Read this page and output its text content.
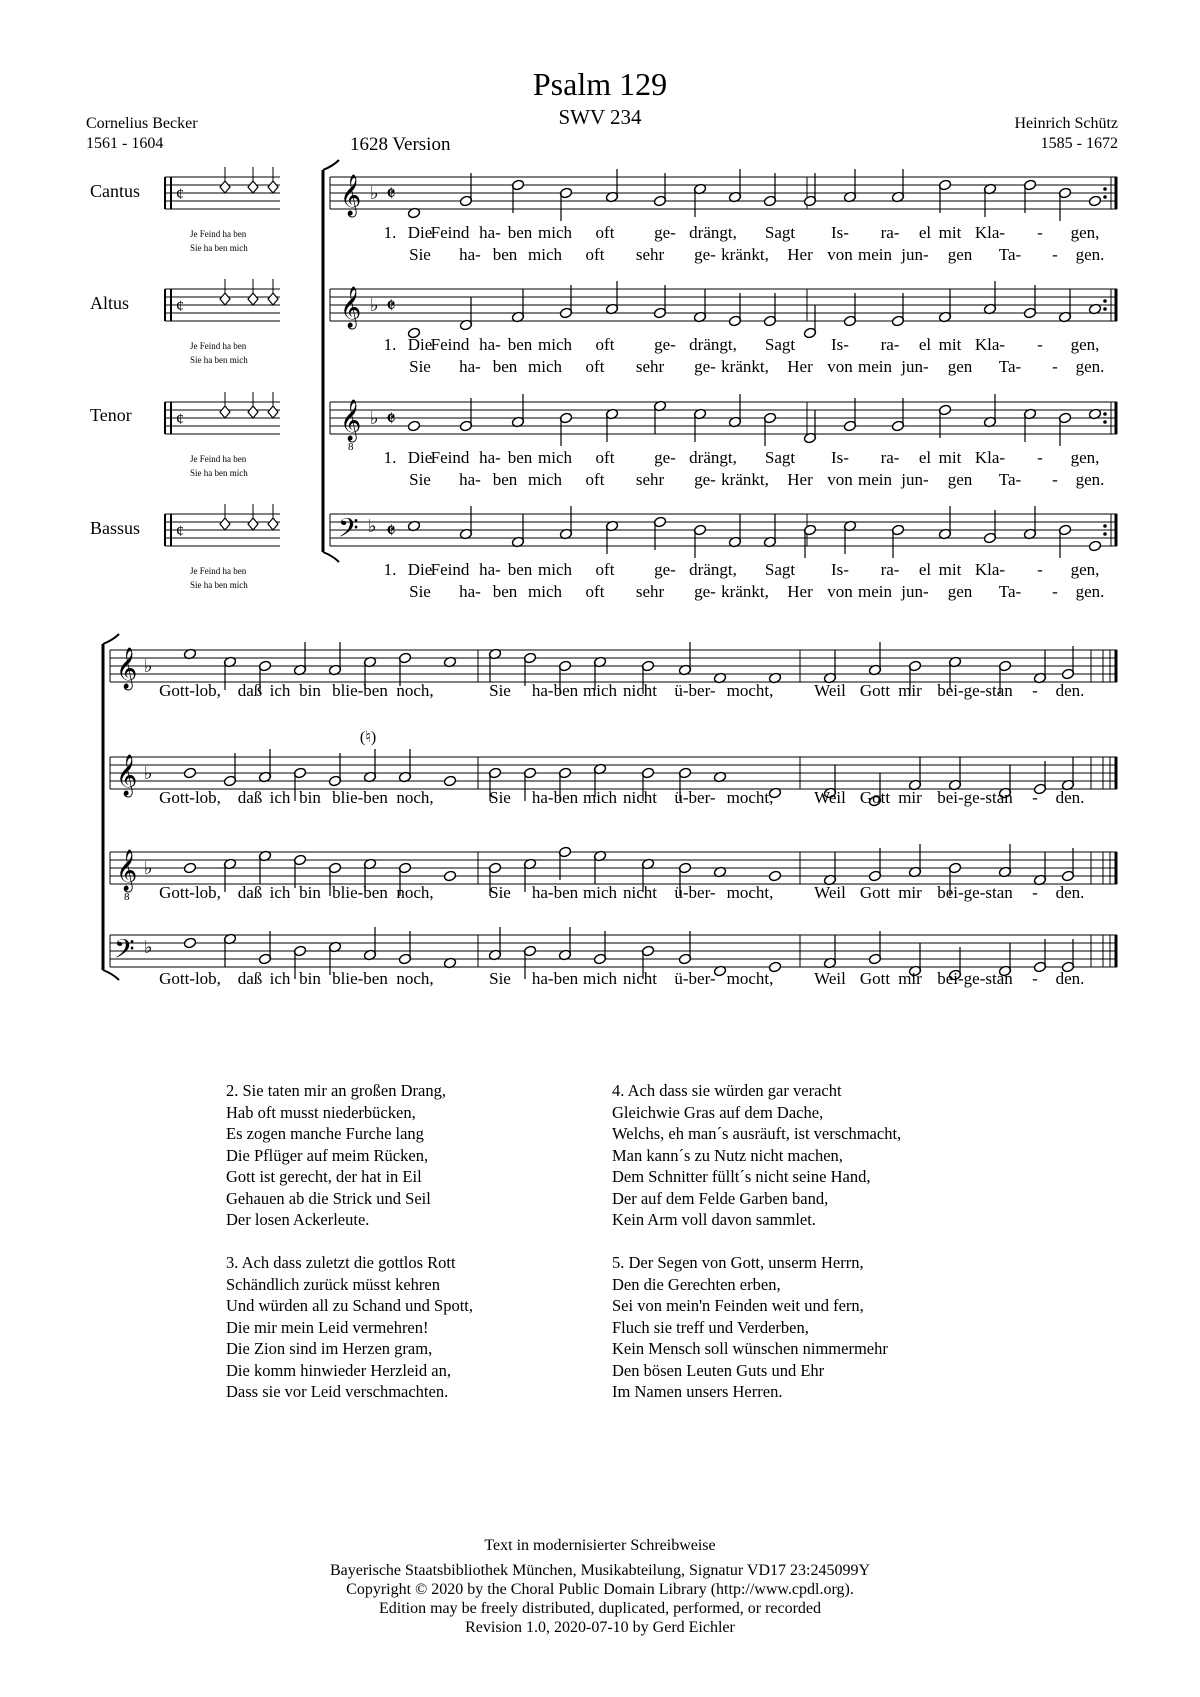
Psalm 129
SWV 234
Cornelius Becker
1561 - 1604
Heinrich Schütz
1585 - 1672
1628 Version
Cantus
Altus
Tenor
Bassus
¢
Je Feind ha ben
Sie ha ben mich
¢
Je Feind ha ben
Sie ha ben mich
¢
Je Feind ha ben
Sie ha ben mich
¢
Je Feind ha ben
Sie ha ben mich
𝄞 ♭ 𝄵
𝄞 ♭ 𝄵
𝄞
8
♭ 𝄵
𝄢 ♭ 𝄵
1. Die
Feind ha- ben mich oft ge- drängt, Sagt Is- ra- el mit Kla- - gen,
Sie ha- ben mich oft sehr ge- kränkt, Her von mein jun- gen Ta- - gen.
1. Die
Feind ha- ben mich oft ge- drängt, Sagt Is- ra- el mit Kla- - gen,
Sie ha- ben mich oft sehr ge- kränkt, Her von mein jun- gen Ta- - gen.
1. Die
Feind ha- ben mich oft ge- drängt, Sagt Is- ra- el mit Kla- - gen,
Sie ha- ben mich oft sehr ge- kränkt, Her von mein jun- gen Ta- - gen.
1. Die
Feind ha- ben mich oft ge- drängt, Sagt Is- ra- el mit Kla- - gen,
Sie ha- ben mich oft sehr ge- kränkt, Her von mein jun- gen Ta- - gen.
𝄞 ♭
𝄞 ♭
𝄞
8
♭
𝄢 ♭
(♮)
Gott-lob, daß ich bin blie-ben noch,	Sie ha-ben mich nicht ü-ber- mocht, Weil Gott mir bei-ge-stan - den.
Gott-lob, daß ich bin blie-ben noch,	Sie ha-ben mich nicht ü-ber- mocht, Weil Gott mir bei-ge-stan - den.
Gott-lob, daß ich bin blie-ben noch,	Sie ha-ben mich nicht ü-ber- mocht, Weil Gott mir bei-ge-stan - den.
Gott-lob, daß ich bin blie-ben noch,	Sie ha-ben mich nicht ü-ber- mocht, Weil Gott mir bei-ge-stan - den.
2. Sie taten mir an großen Drang,
Hab oft musst niederbücken,
Es zogen manche Furche lang
Die Pflüger auf meim Rücken,
Gott ist gerecht, der hat in Eil
Gehauen ab die Strick und Seil
Der losen Ackerleute.
3. Ach dass zuletzt die gottlos Rott
Schändlich zurück müsst kehren
Und würden all zu Schand und Spott,
Die mir mein Leid vermehren!
Die Zion sind im Herzen gram,
Die komm hinwieder Herzleid an,
Dass sie vor Leid verschmachten.
4. Ach dass sie würden gar veracht
Gleichwie Gras auf dem Dache,
Welchs, eh man´s ausräuft, ist verschmacht,
Man kann´s zu Nutz nicht machen,
Dem Schnitter füllt´s nicht seine Hand,
Der auf dem Felde Garben band,
Kein Arm voll davon sammlet.
5. Der Segen von Gott, unserm Herrn,
Den die Gerechten erben,
Sei von mein'n Feinden weit und fern,
Fluch sie treff und Verderben,
Kein Mensch soll wünschen nimmermehr
Den bösen Leuten Guts und Ehr
Im Namen unsers Herren.
Text in modernisierter Schreibweise
Bayerische Staatsbibliothek München, Musikabteilung, Signatur VD17 23:245099Y
Copyright © 2020 by the Choral Public Domain Library (http://www.cpdl.org).
Edition may be freely distributed, duplicated, performed, or recorded
Revision 1.0, 2020-07-10 by Gerd Eichler
